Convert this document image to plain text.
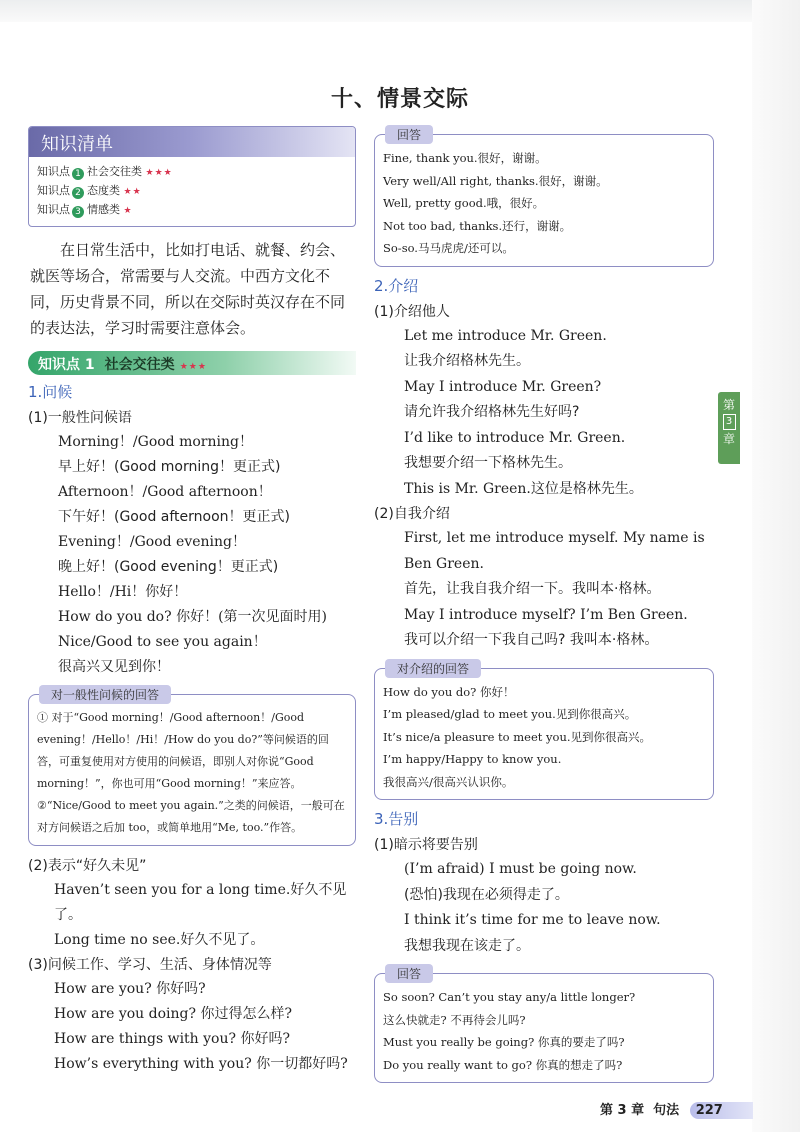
十、情景交际
知识清单
知识点 1 社会交往类 ★★★
知识点 2 态度类 ★★
知识点 3 情感类 ★

在日常生活中，比如打电话、就餐、约会、就医等场合，常需要与人交流。中西方文化不同，历史背景不同，所以在交际时英汉存在不同的表达法，学习时需要注意体会。

知识点 1 社会交往类 ★★★
1.问候
(1)一般性问候语
Morning！/Good morning！
早上好！(Good morning！更正式)
Afternoon！/Good afternoon！
下午好！(Good afternoon！更正式)
Evening！/Good evening！
晚上好！(Good evening！更正式)
Hello！/Hi！你好！
How do you do? 你好！(第一次见面时用)
Nice/Good to see you again！
很高兴又见到你！
对一般性问候的回答

① 对于“Good morning！/Good afternoon！/Good evening！/Hello！/Hi！/How do you do?”等问候语的回答，可重复使用对方使用的问候语，即别人对你说“Good morning！”，你也可用“Good morning！”来应答。

②“Nice/Good to meet you again.”之类的问候语，一般可在对方问候语之后加 too，或简单地用“Me, too.”作答。

(2)表示“好久未见”
Haven’t seen you for a long time.好久不见了。
Long time no see.好久不见了。
(3)问候工作、学习、生活、身体情况等
How are you? 你好吗?
How are you doing? 你过得怎么样?
How are things with you? 你好吗?
How’s everything with you? 你一切都好吗?
回答

Fine, thank you.很好，谢谢。

Very well/All right, thanks.很好，谢谢。

Well, pretty good.哦，很好。

Not too bad, thanks.还行，谢谢。

So-so.马马虎虎/还可以。

2.介绍
(1)介绍他人
Let me introduce Mr. Green.
让我介绍格林先生。
May I introduce Mr. Green?
请允许我介绍格林先生好吗?
I’d like to introduce Mr. Green.
我想要介绍一下格林先生。
This is Mr. Green.这位是格林先生。
(2)自我介绍
First, let me introduce myself. My name is Ben Green.
首先，让我自我介绍一下。我叫本·格林。
May I introduce myself? I’m Ben Green.
我可以介绍一下我自己吗? 我叫本·格林。
对介绍的回答

How do you do? 你好！

I’m pleased/glad to meet you.见到你很高兴。

It’s nice/a pleasure to meet you.见到你很高兴。

I’m happy/Happy to know you.

我很高兴/很高兴认识你。

3.告别
(1)暗示将要告别
(I’m afraid) I must be going now.
(恐怕)我现在必须得走了。
I think it’s time for me to leave now.
我想我现在该走了。
回答

So soon? Can’t you stay any/a little longer?

这么快就走? 不再待会儿吗?

Must you really be going? 你真的要走了吗?

Do you really want to go? 你真的想走了吗?

第
3
章
第 3 章 句法 227
